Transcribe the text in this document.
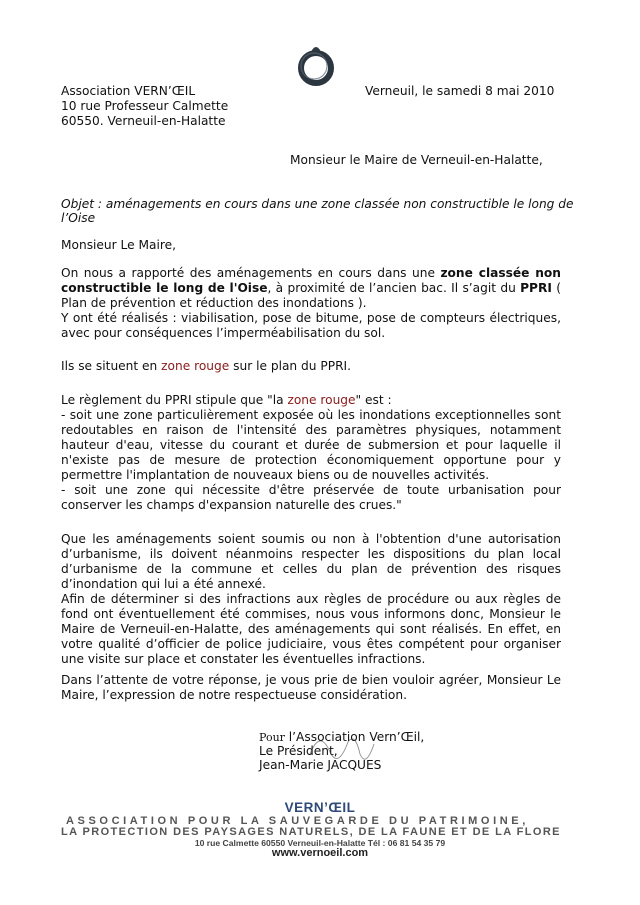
Association VERN’ŒIL
10 rue Professeur Calmette
60550. Verneuil-en-Halatte
Verneuil, le samedi 8 mai 2010
Monsieur le Maire de Verneuil-en-Halatte,
Objet : aménagements en cours dans une zone classée non constructible le long de
l’Oise
Monsieur Le Maire,

On nous a rapporté des aménagements en cours dans une zone classée non constructible le long de l'Oise, à proximité de l’ancien bac. Il s’agit du PPRI ( Plan de prévention et réduction des inondations ).

Y ont été réalisés : viabilisation, pose de bitume, pose de compteurs électriques, avec pour conséquences l’imperméabilisation du sol.

Ils se situent en zone rouge sur le plan du PPRI.

Le règlement du PPRI stipule que "la zone rouge" est :

- soit une zone particulièrement exposée où les inondations exceptionnelles sont redoutables en raison de l'intensité des paramètres physiques, notamment hauteur d'eau, vitesse du courant et durée de submersion et pour laquelle il n'existe pas de mesure de protection économiquement opportune pour y permettre l'implantation de nouveaux biens ou de nouvelles activités.

- soit une zone qui nécessite d'être préservée de toute urbanisation pour conserver les champs d'expansion naturelle des crues."

Que les aménagements soient soumis ou non à l'obtention d'une autorisation d’urbanisme, ils doivent néanmoins respecter les dispositions du plan local d’urbanisme de la commune et celles du plan de prévention des risques d’inondation qui lui a été annexé.

Afin de déterminer si des infractions aux règles de procédure ou aux règles de fond ont éventuellement été commises, nous vous informons donc, Monsieur le Maire de Verneuil-en-Halatte, des aménagements qui sont réalisés. En effet, en votre qualité d’officier de police judiciaire, vous êtes compétent pour organiser une visite sur place et constater les éventuelles infractions.

Dans l’attente de votre réponse, je vous prie de bien vouloir agréer, Monsieur Le Maire, l’expression de notre respectueuse considération.

Pour l’Association Vern’Œil,
Le Président,
Jean-Marie JACQUES
VERN’ŒIL
ASSOCIATION POUR LA SAUVEGARDE DU PATRIMOINE,
LA PROTECTION DES PAYSAGES NATURELS, DE LA FAUNE ET DE LA FLORE
10 rue Calmette 60550 Verneuil-en-Halatte Tél : 06 81 54 35 79
www.vernoeil.com
